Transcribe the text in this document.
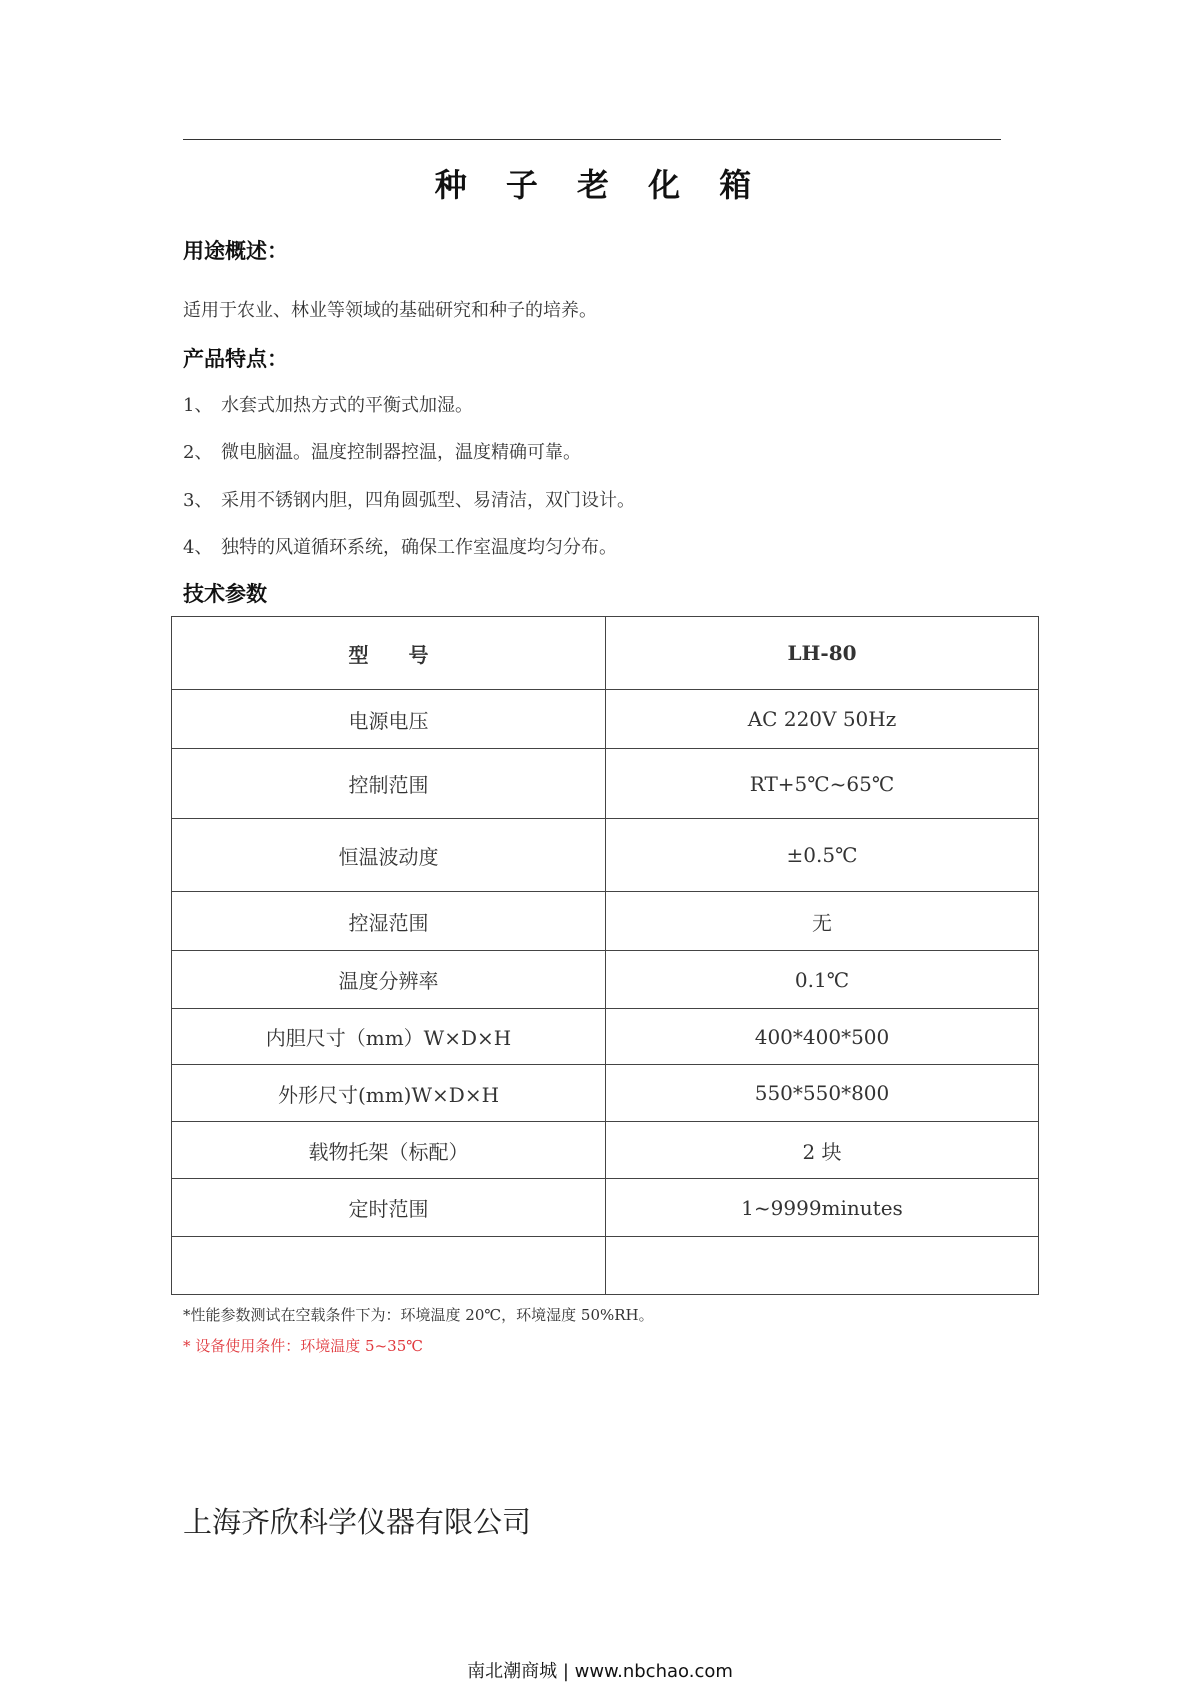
种 子 老 化 箱
用途概述：
适用于农业、林业等领域的基础研究和种子的培养。
产品特点：
1、 水套式加热方式的平衡式加湿。
2、 微电脑温。温度控制器控温，温度精确可靠。
3、 采用不锈钢内胆，四角圆弧型、易清洁，双门设计。
4、 独特的风道循环系统，确保工作室温度均匀分布。
技术参数
型　　号	LH-80
电源电压	AC 220V 50Hz
控制范围	RT+5℃~65℃
恒温波动度	±0.5℃
控湿范围	无
温度分辨率	0.1℃
内胆尺寸（mm）W×D×H	400*400*500
外形尺寸(mm)W×D×H	550*550*800
载物托架（标配）	2 块
定时范围	1~9999minutes

*性能参数测试在空载条件下为：环境温度 20℃，环境湿度 50%RH。
* 设备使用条件：环境温度 5~35℃
上海齐欣科学仪器有限公司
南北潮商城 | www.nbchao.com
